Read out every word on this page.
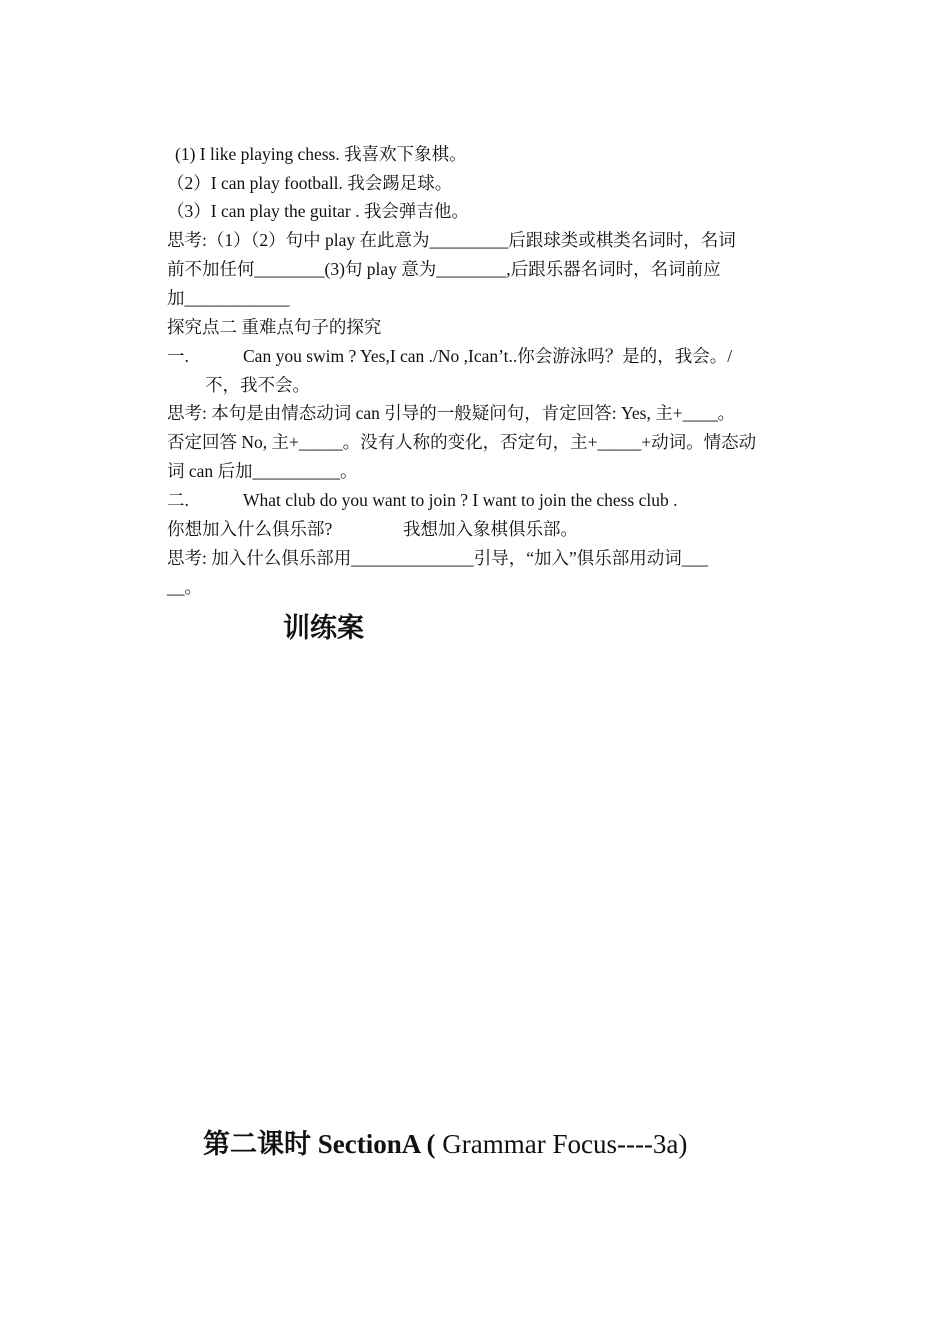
(1) I like playing chess. 我喜欢下象棋。
（2）I can play football. 我会踢足球。
（3）I can play the guitar . 我会弹吉他。
思考:（1）（2）句中 play 在此意为_________后跟球类或棋类名词时，名词
前不加任何________(3)句 play 意为________,后跟乐器名词时，名词前应
加____________
探究点二 重难点句子的探究
一.	Can you swim ? Yes,I can ./No ,Ican’t..你会游泳吗？是的，我会。/
不，我不会。
思考: 本句是由情态动词 can 引导的一般疑问句，肯定回答: Yes, 主+____。
否定回答 No, 主+_____。没有人称的变化，否定句，主+_____+动词。情态动
词 can 后加__________。
二.	What club do you want to join ? I want to join the chess club .
你想加入什么俱乐部?	我想加入象棋俱乐部。
思考: 加入什么俱乐部用______________引导，“加入”俱乐部用动词___
__。
训练案
第二课时 SectionA ( Grammar Focus----3a)
